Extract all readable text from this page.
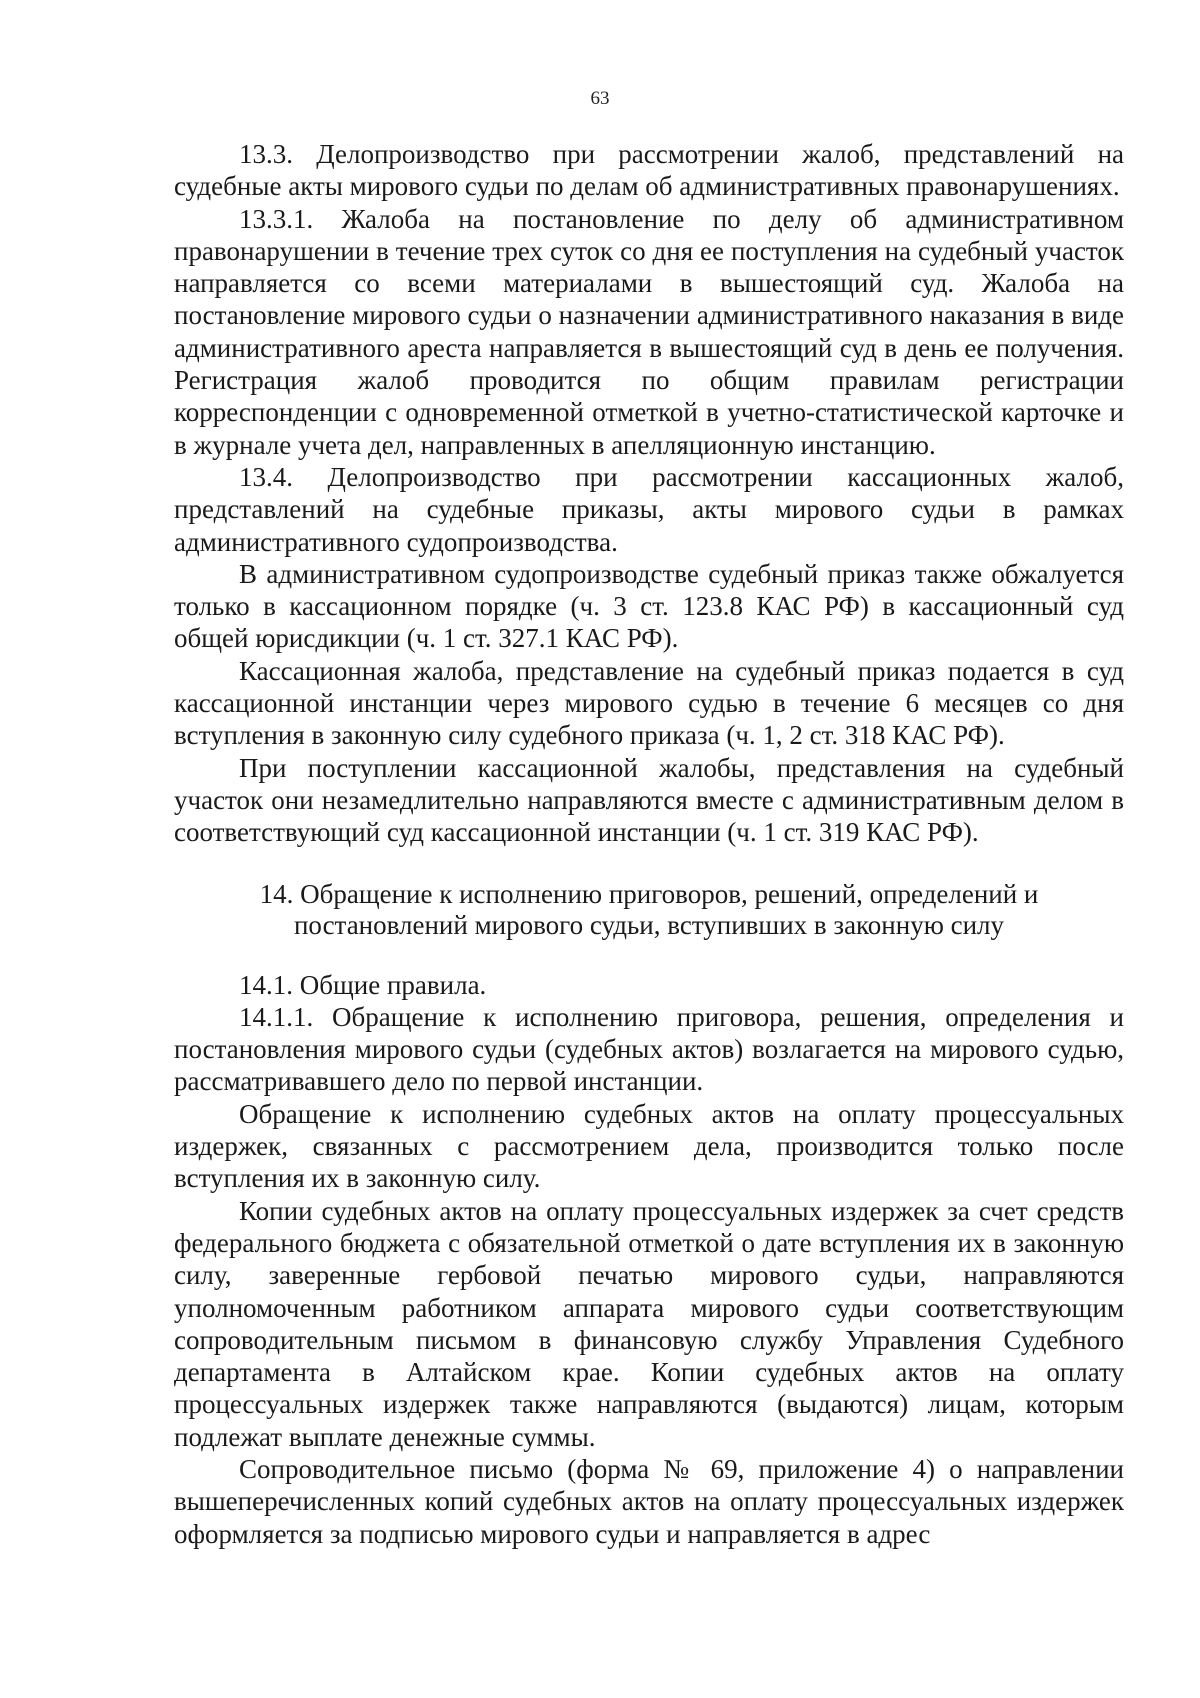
63

13.3. Делопроизводство при рассмотрении жалоб, представлений на судебные акты мирового судьи по делам об административных правонарушениях.

13.3.1. Жалоба на постановление по делу об административном правонарушении в течение трех суток со дня ее поступления на судебный участок направляется со всеми материалами в вышестоящий суд. Жалоба на постановление мирового судьи о назначении административного наказания в виде административного ареста направляется в вышестоящий суд в день ее получения. Регистрация жалоб проводится по общим правилам регистрации корреспонденции с одновременной отметкой в учетно-статистической карточке и в журнале учета дел, направленных в апелляционную инстанцию.

13.4. Делопроизводство при рассмотрении кассационных жалоб, представлений на судебные приказы, акты мирового судьи в рамках административного судопроизводства.

В административном судопроизводстве судебный приказ также обжалуется только в кассационном порядке (ч. 3 ст. 123.8 КАС РФ) в кассационный суд общей юрисдикции (ч. 1 ст. 327.1 КАС РФ).

Кассационная жалоба, представление на судебный приказ подается в суд кассационной инстанции через мирового судью в течение 6 месяцев со дня вступления в законную силу судебного приказа (ч. 1, 2 ст. 318 КАС РФ).

При поступлении кассационной жалобы, представления на судебный участок они незамедлительно направляются вместе с административным делом в соответствующий суд кассационной инстанции (ч. 1 ст. 319 КАС РФ).

14. Обращение к исполнению приговоров, решений, определений и
постановлений мирового судьи, вступивших в законную силу

14.1. Общие правила.

14.1.1. Обращение к исполнению приговора, решения, определения и постановления мирового судьи (судебных актов) возлагается на мирового судью, рассматривавшего дело по первой инстанции.

Обращение к исполнению судебных актов на оплату процессуальных издержек, связанных с рассмотрением дела, производится только после вступления их в законную силу.

Копии судебных актов на оплату процессуальных издержек за счет средств федерального бюджета с обязательной отметкой о дате вступления их в законную силу, заверенные гербовой печатью мирового судьи, направляются уполномоченным работником аппарата мирового судьи соответствующим сопроводительным письмом в финансовую службу Управления Судебного департамента в Алтайском крае. Копии судебных актов на оплату процессуальных издержек также направляются (выдаются) лицам, которым подлежат выплате денежные суммы.

Сопроводительное письмо (форма № 69, приложение 4) о направлении вышеперечисленных копий судебных актов на оплату процессуальных издержек оформляется за подписью мирового судьи и направляется в адрес
